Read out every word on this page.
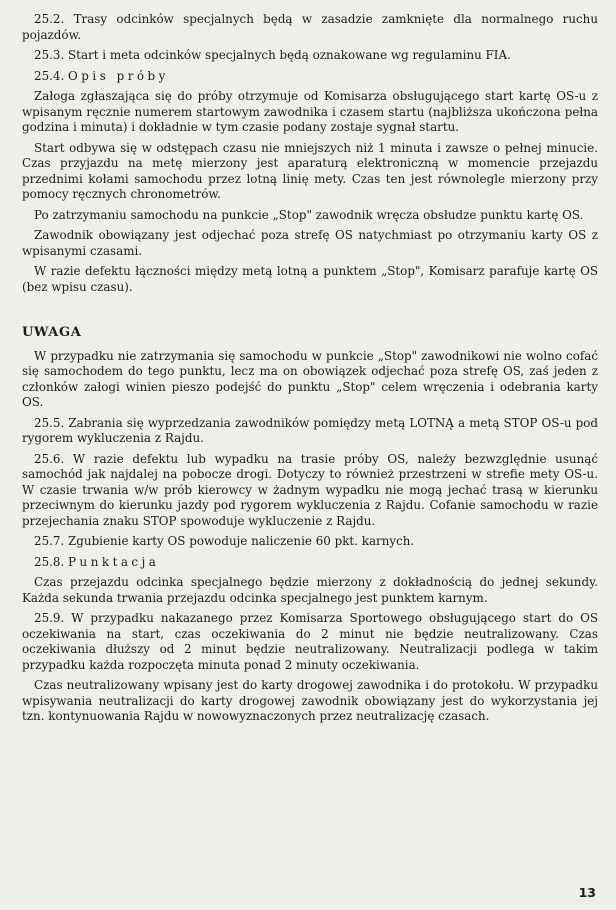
25.2. Trasy odcinków specjalnych będą w zasadzie zamknięte dla normalnego ruchu pojazdów.

25.3. Start i meta odcinków specjalnych będą oznakowane wg regulaminu FIA.

25.4. Opis próby

Załoga zgłaszająca się do próby otrzymuje od Komisarza obsługującego start kartę OS-u z wpisanym ręcznie numerem startowym zawodnika i czasem startu (najbliższa ukończona pełna godzina i minuta) i dokładnie w tym czasie podany zostaje sygnał startu.

Start odbywa się w odstępach czasu nie mniejszych niż 1 minuta i zawsze o pełnej minucie. Czas przyjazdu na metę mierzony jest aparaturą elektroniczną w momencie przejazdu przednimi kołami samochodu przez lotną linię mety. Czas ten jest równolegle mierzony przy pomocy ręcznych chronometrów.

Po zatrzymaniu samochodu na punkcie „Stop" zawodnik wręcza obsłudze punktu kartę OS.

Zawodnik obowiązany jest odjechać poza strefę OS natychmiast po otrzymaniu karty OS z wpisanymi czasami.

W razie defektu łączności między metą lotną a punktem „Stop", Komisarz parafuje kartę OS (bez wpisu czasu).

UWAGA

W przypadku nie zatrzymania się samochodu w punkcie „Stop" zawodnikowi nie wolno cofać się samochodem do tego punktu, lecz ma on obowiązek odjechać poza strefę OS, zaś jeden z członków załogi winien pieszo podejść do punktu „Stop" celem wręczenia i odebrania karty OS.

25.5. Zabrania się wyprzedzania zawodników pomiędzy metą LOTNĄ a metą STOP OS-u pod rygorem wykluczenia z Rajdu.

25.6. W razie defektu lub wypadku na trasie próby OS, należy bezwzględnie usunąć samochód jak najdalej na pobocze drogi. Dotyczy to również przestrzeni w strefie mety OS-u. W czasie trwania w/w prób kierowcy w żadnym wypadku nie mogą jechać trasą w kierunku przeciwnym do kierunku jazdy pod rygorem wykluczenia z Rajdu. Cofanie samochodu w razie przejechania znaku STOP spowoduje wykluczenie z Rajdu.

25.7. Zgubienie karty OS powoduje naliczenie 60 pkt. karnych.

25.8. Punktacja

Czas przejazdu odcinka specjalnego będzie mierzony z dokładnością do jednej sekundy. Każda sekunda trwania przejazdu odcinka specjalnego jest punktem karnym.

25.9. W przypadku nakazanego przez Komisarza Sportowego obsługującego start do OS oczekiwania na start, czas oczekiwania do 2 minut nie będzie neutralizowany. Czas oczekiwania dłuższy od 2 minut będzie neutralizowany. Neutralizacji podlega w takim przypadku każda rozpoczęta minuta ponad 2 minuty oczekiwania.

Czas neutralizowany wpisany jest do karty drogowej zawodnika i do protokołu. W przypadku wpisywania neutralizacji do karty drogowej zawodnik obowiązany jest do wykorzystania jej tzn. kontynuowania Rajdu w nowowyznaczonych przez neutralizację czasach.

13
